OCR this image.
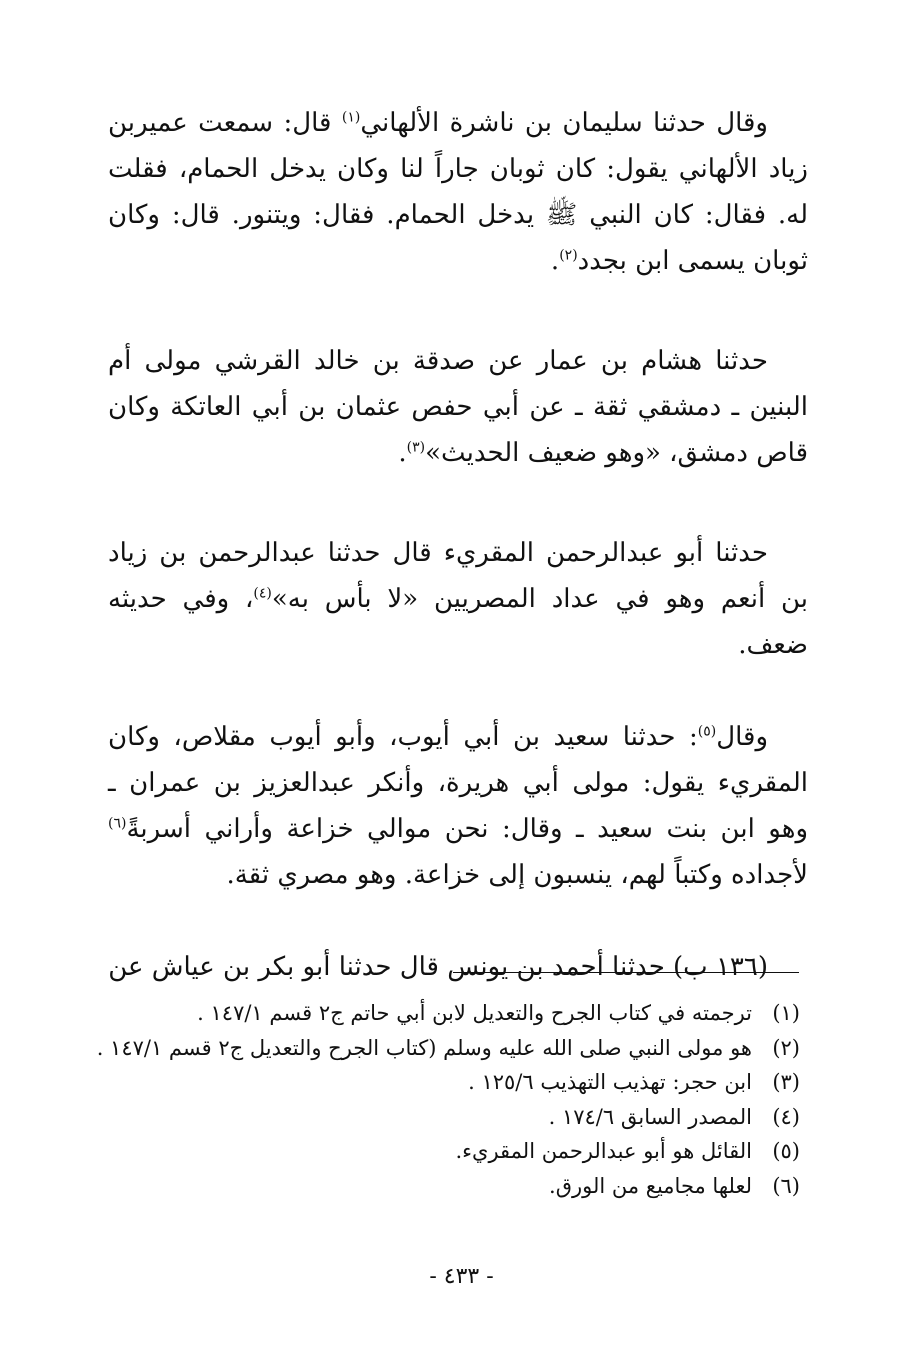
وقال حدثنا سليمان بن ناشرة الألهاني$^{(١)}$ قال: سمعت عميربن زياد الألهاني يقول: كان ثوبان جاراً لنا وكان يدخل الحمام، فقلت له. فقال: كان النبي ﷺ يدخل الحمام. فقال: ويتنور. قال: وكان ثوبان يسمى ابن بجدد$^{(٢)}$.

حدثنا هشام بن عمار عن صدقة بن خالد القرشي مولى أم البنين ـ دمشقي ثقة ـ عن أبي حفص عثمان بن أبي العاتكة وكان قاص دمشق، «وهو ضعيف الحديث»$^{(٣)}$.

حدثنا أبو عبدالرحمن المقريء قال حدثنا عبدالرحمن بن زياد بن أنعم وهو في عداد المصريين «لا بأس به»$^{(٤)}$، وفي حديثه ضعف.

وقال$^{(٥)}$: حدثنا سعيد بن أبي أيوب، وأبو أيوب مقلاص، وكان المقريء يقول: مولى أبي هريرة، وأنكر عبدالعزيز بن عمران ـ وهو ابن بنت سعيد ـ وقال: نحن موالي خزاعة وأراني أسربةً$^{(٦)}$ لأجداده وكتباً لهم، ينسبون إلى خزاعة. وهو مصري ثقة.

(١٣٦ ب) حدثنا أحمد بن يونس قال حدثنا أبو بكر بن عياش عن

(١)ترجمته في كتاب الجرح والتعديل لابن أبي حاتم ج٢ قسم ١٤٧/١ .
(٢)هو مولى النبي صلى الله عليه وسلم (كتاب الجرح والتعديل ج٢ قسم ١٤٧/١ .
(٣)ابن حجر: تهذيب التهذيب ١٢٥/٦ .
(٤)المصدر السابق ١٧٤/٦ .
(٥)القائل هو أبو عبدالرحمن المقريء.
(٦)لعلها مجاميع من الورق.
- ٤٣٣ -
